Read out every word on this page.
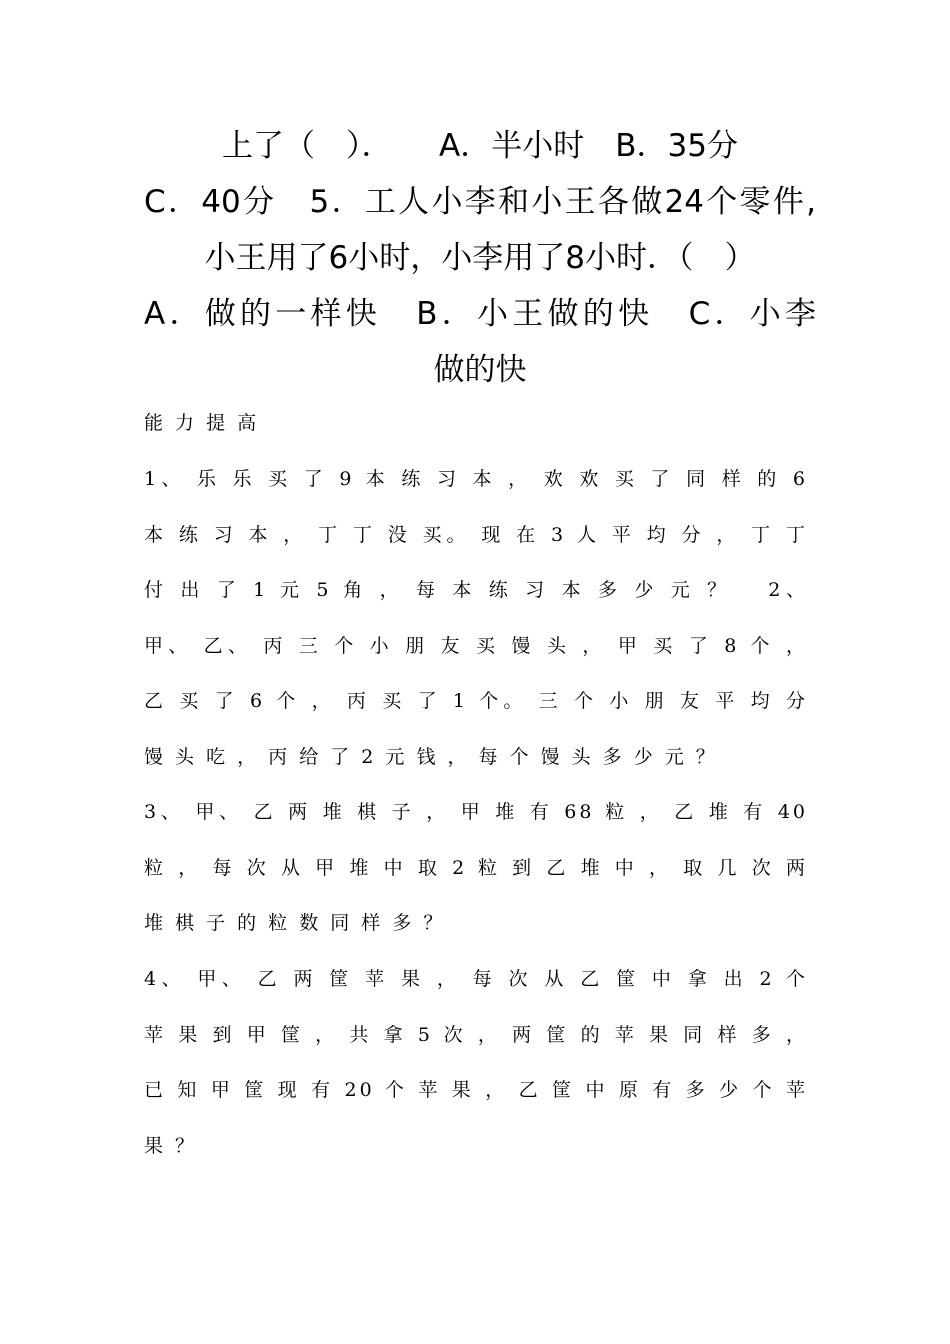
上了（　）．　　A．半小时　B．35分
C．40分　5．工人小李和小王各做24个零件,
小王用了6小时，小李用了8小时．（　）
A．做的一样快　B．小王做的快　C．小李
做的快
能 力 提 高
1、 乐 乐 买 了 9 本 练 习 本 ， 欢 欢 买 了 同 样 的 6
本 练 习 本 ， 丁 丁 没 买。 现 在 3 人 平 均 分 ， 丁 丁
付 出 了 1 元 5 角 ， 每 本 练 习 本 多 少 元 ？　 2、
甲、 乙、 丙 三 个 小 朋 友 买 馒 头 ， 甲 买 了 8 个 ，
乙 买 了 6 个 ， 丙 买 了 1 个。 三 个 小 朋 友 平 均 分
馒 头 吃 ， 丙 给 了 2 元 钱 ， 每 个 馒 头 多 少 元 ？
3、 甲、 乙 两 堆 棋 子 ， 甲 堆 有 68 粒 ， 乙 堆 有 40
粒 ， 每 次 从 甲 堆 中 取 2 粒 到 乙 堆 中 ， 取 几 次 两
堆 棋 子 的 粒 数 同 样 多 ？
4、 甲、 乙 两 筐 苹 果 ， 每 次 从 乙 筐 中 拿 出 2 个
苹 果 到 甲 筐 ， 共 拿 5 次 ， 两 筐 的 苹 果 同 样 多 ，
已 知 甲 筐 现 有 20 个 苹 果 ， 乙 筐 中 原 有 多 少 个 苹
果 ？
